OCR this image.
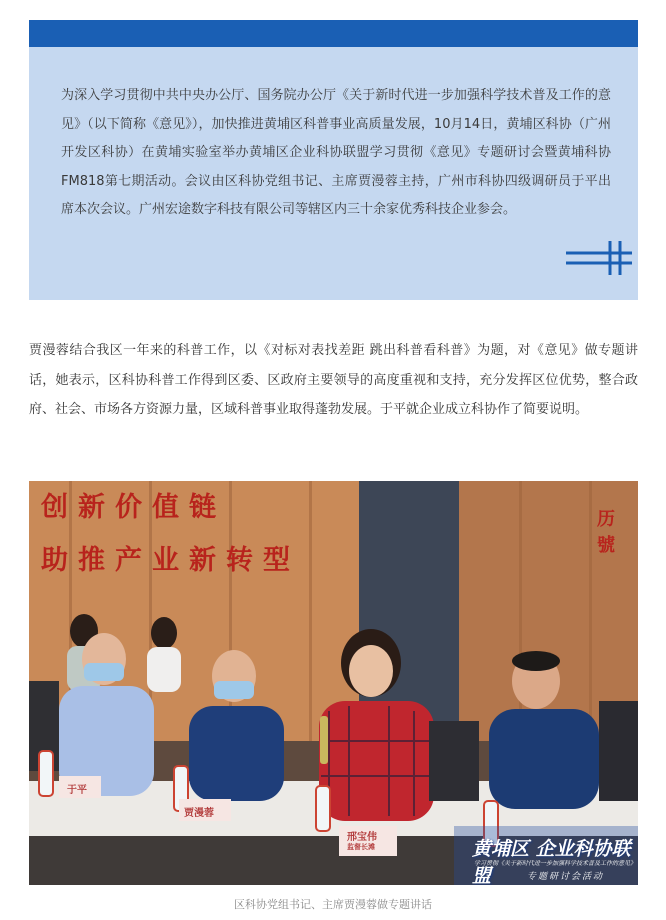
为深入学习贯彻中共中央办公厅、国务院办公厅《关于新时代进一步加强科学技术普及工作的意见》（以下简称《意见》），加快推进黄埔区科普事业高质量发展，10月14日，黄埔区科协（广州开发区科协）在黄埔实验室举办黄埔区企业科协联盟学习贯彻《意见》专题研讨会暨黄埔科协FM818第七期活动。会议由区科协党组书记、主席贾漫蓉主持，广州市科协四级调研员于平出席本次会议。广州宏途数字科技有限公司等辖区内三十余家优秀科技企业参会。

贾漫蓉结合我区一年来的科普工作，以《对标对表找差距 跳出科普看科普》为题，对《意见》做专题讲话，她表示，区科协科普工作得到区委、区政府主要领导的高度重视和支持，充分发挥区位优势，整合政府、社会、市场各方资源力量，区域科普事业取得蓬勃发展。于平就企业成立科协作了简要说明。

创新价值链
助推产业新转型
历號
于平
贾漫蓉
邢宝伟
监督长滩	黄埔区 企业科协联盟
学习贯彻《关于新时代进一步加强科学技术普及工作的意见》
专题研讨会活动

区科协党组书记、主席贾漫蓉做专题讲话
